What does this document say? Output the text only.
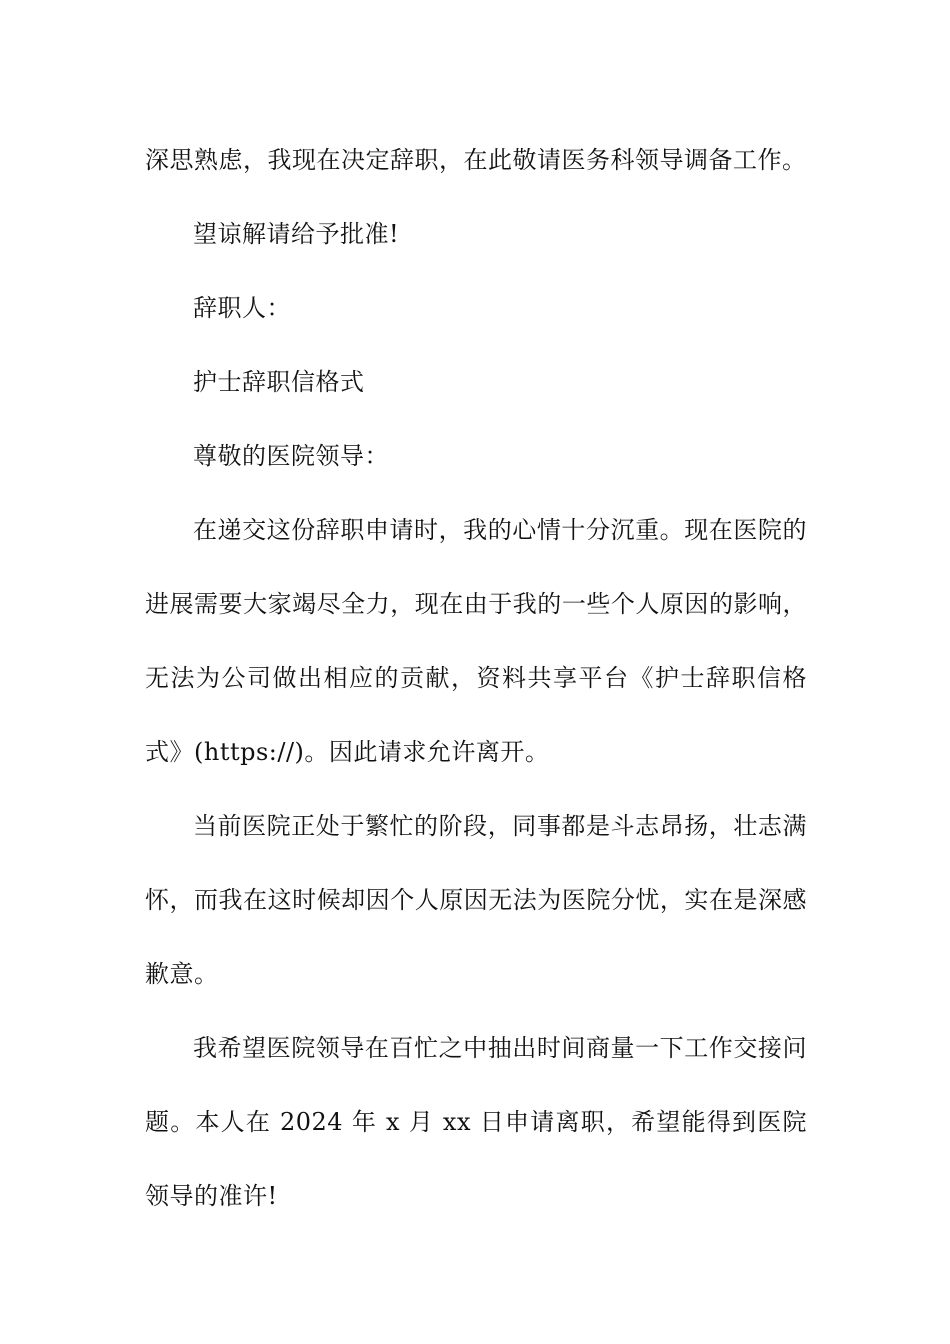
深思熟虑，我现在决定辞职，在此敬请医务科领导调备工作。

望谅解请给予批准!

辞职人：

护士辞职信格式

尊敬的医院领导：

在递交这份辞职申请时，我的心情十分沉重。现在医院的进展需要大家竭尽全力，现在由于我的一些个人原因的影响，无法为公司做出相应的贡献，资料共享平台《护士辞职信格式》(https://)。因此请求允许离开。

当前医院正处于繁忙的阶段，同事都是斗志昂扬，壮志满怀，而我在这时候却因个人原因无法为医院分忧，实在是深感歉意。

我希望医院领导在百忙之中抽出时间商量一下工作交接问题。本人在 2024 年 x 月 xx 日申请离职，希望能得到医院领导的准许!
